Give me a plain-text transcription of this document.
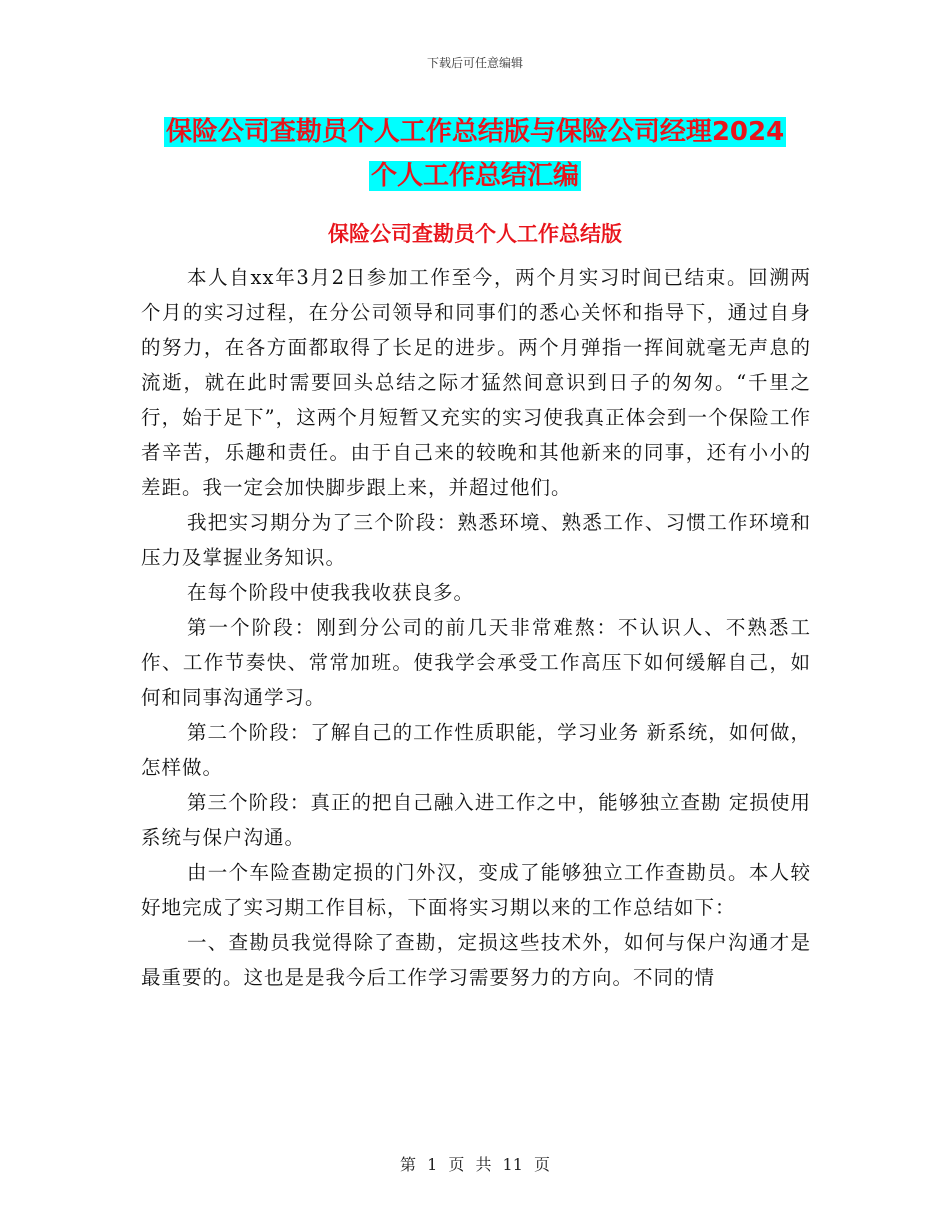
下载后可任意编辑
保险公司查勘员个人工作总结版与保险公司经理2024
个人工作总结汇编
保险公司查勘员个人工作总结版

本人自xx年3月2日参加工作至今，两个月实习时间已结束。回溯两个月的实习过程，在分公司领导和同事们的悉心关怀和指导下，通过自身的努力，在各方面都取得了长足的进步。两个月弹指一挥间就毫无声息的流逝，就在此时需要回头总结之际才猛然间意识到日子的匆匆。“千里之行，始于足下”，这两个月短暂又充实的实习使我真正体会到一个保险工作者辛苦，乐趣和责任。由于自己来的较晚和其他新来的同事，还有小小的差距。我一定会加快脚步跟上来，并超过他们。

我把实习期分为了三个阶段：熟悉环境、熟悉工作、习惯工作环境和压力及掌握业务知识。

在每个阶段中使我我收获良多。

第一个阶段：刚到分公司的前几天非常难熬：不认识人、不熟悉工作、工作节奏快、常常加班。使我学会承受工作高压下如何缓解自己，如何和同事沟通学习。

第二个阶段：了解自己的工作性质职能，学习业务 新系统，如何做，怎样做。

第三个阶段：真正的把自己融入进工作之中，能够独立查勘 定损使用系统与保户沟通。

由一个车险查勘定损的门外汉，变成了能够独立工作查勘员。本人较好地完成了实习期工作目标，下面将实习期以来的工作总结如下：

一、查勘员我觉得除了查勘，定损这些技术外，如何与保户沟通才是最重要的。这也是是我今后工作学习需要努力的方向。不同的情

第 1 页 共 11 页
